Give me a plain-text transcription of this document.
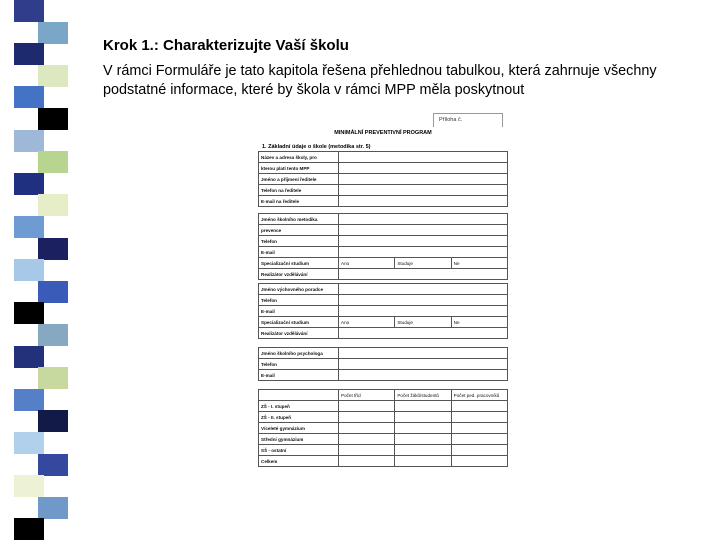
Krok 1.: Charakterizujte Vaší školu
V rámci Formuláře je tato kapitola řešena přehlednou tabulkou, která zahrnuje všechny podstatné informace, které by škola v rámci MPP měla poskytnout
Příloha č.
MINIMÁLNÍ PREVENTIVNÍ PROGRAM
1. Základní údaje o škole (metodika str. 5)
Název a adresa školy, pro	
kterou platí tento MPP	
Jméno a příjmení ředitele	
Telefon na ředitele	
E-mail na ředitele	
Jméno školního metodika			
prevence			
Telefon			
E-mail			
Specializační studium	Ano	Studuje	Ne
Realizátor vzdělávání			
Jméno výchovného poradce			
Telefon			
E-mail			
Specializační studium	Ano	Studuje	Ne
Realizátor vzdělávání			
Jméno školního psychologa	
Telefon	
E-mail	
	Počet tříd	Počet žáků/studentů	Počet ped. pracovníků
ZŠ - I. stupeň			
ZŠ - II. stupeň			
Víceleté gymnázium			
Střední gymnázium			
SŠ - ostatní			
Celkem			
